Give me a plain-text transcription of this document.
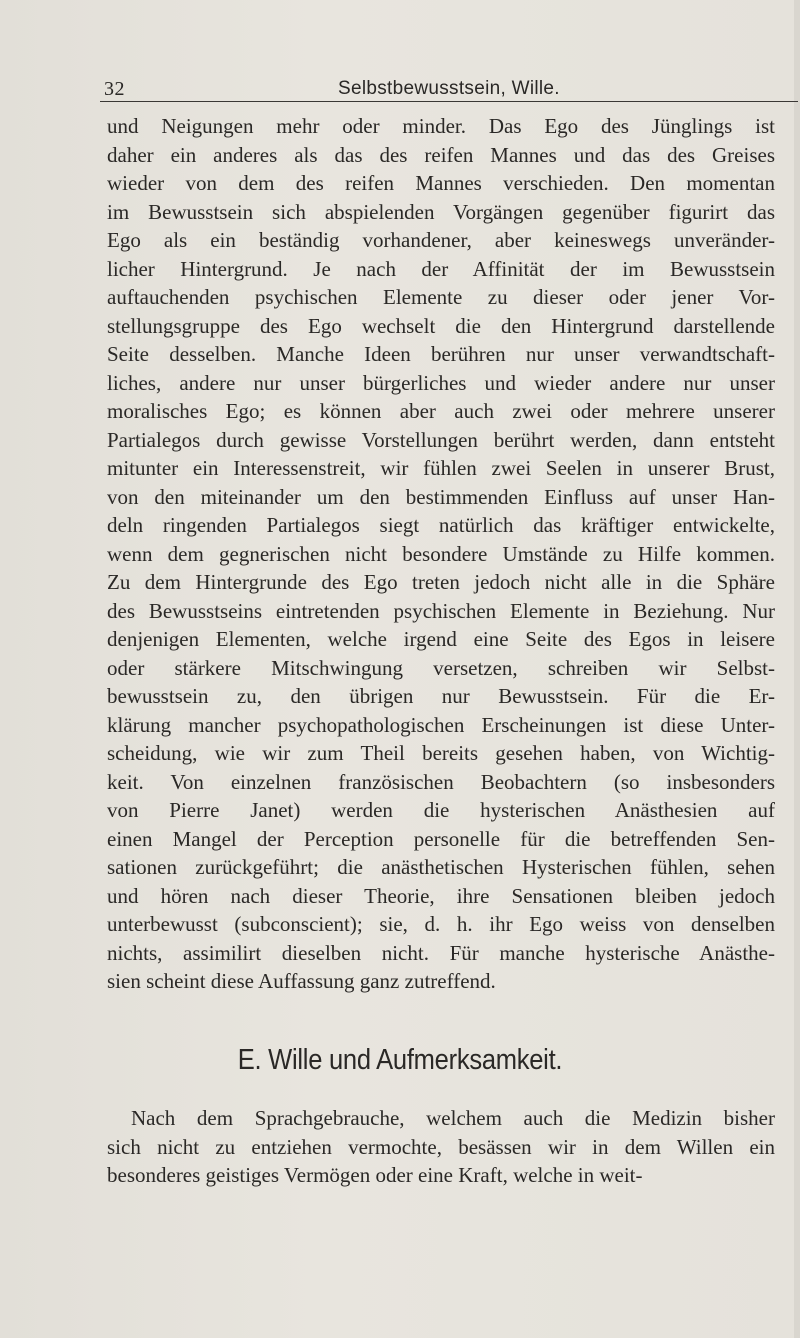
32	Selbstbewusstsein, Wille.
und Neigungen mehr oder minder. Das Ego des Jünglings ist
daher ein anderes als das des reifen Mannes und das des Greises
wieder von dem des reifen Mannes verschieden. Den momentan
im Bewusstsein sich abspielenden Vorgängen gegenüber figurirt das
Ego als ein beständig vorhandener, aber keineswegs unveränder-
licher Hintergrund. Je nach der Affinität der im Bewusstsein
auftauchenden psychischen Elemente zu dieser oder jener Vor-
stellungsgruppe des Ego wechselt die den Hintergrund darstellende
Seite desselben. Manche Ideen berühren nur unser verwandtschaft-
liches, andere nur unser bürgerliches und wieder andere nur unser
moralisches Ego; es können aber auch zwei oder mehrere unserer
Partialegos durch gewisse Vorstellungen berührt werden, dann entsteht
mitunter ein Interessenstreit, wir fühlen zwei Seelen in unserer Brust,
von den miteinander um den bestimmenden Einfluss auf unser Han-
deln ringenden Partialegos siegt natürlich das kräftiger entwickelte,
wenn dem gegnerischen nicht besondere Umstände zu Hilfe kommen.
Zu dem Hintergrunde des Ego treten jedoch nicht alle in die Sphäre
des Bewusstseins eintretenden psychischen Elemente in Beziehung. Nur
denjenigen Elementen, welche irgend eine Seite des Egos in leisere
oder stärkere Mitschwingung versetzen, schreiben wir Selbst-
bewusstsein zu, den übrigen nur Bewusstsein. Für die Er-
klärung mancher psychopathologischen Erscheinungen ist diese Unter-
scheidung, wie wir zum Theil bereits gesehen haben, von Wichtig-
keit. Von einzelnen französischen Beobachtern (so insbesonders
von Pierre Janet) werden die hysterischen Anästhesien auf
einen Mangel der Perception personelle für die betreffenden Sen-
sationen zurückgeführt; die anästhetischen Hysterischen fühlen, sehen
und hören nach dieser Theorie, ihre Sensationen bleiben jedoch
unterbewusst (subconscient); sie, d. h. ihr Ego weiss von denselben
nichts, assimilirt dieselben nicht. Für manche hysterische Anästhe-
sien scheint diese Auffassung ganz zutreffend.
E. Wille und Aufmerksamkeit.
Nach dem Sprachgebrauche, welchem auch die Medizin bisher
sich nicht zu entziehen vermochte, besässen wir in dem Willen ein
besonderes geistiges Vermögen oder eine Kraft, welche in weit-
